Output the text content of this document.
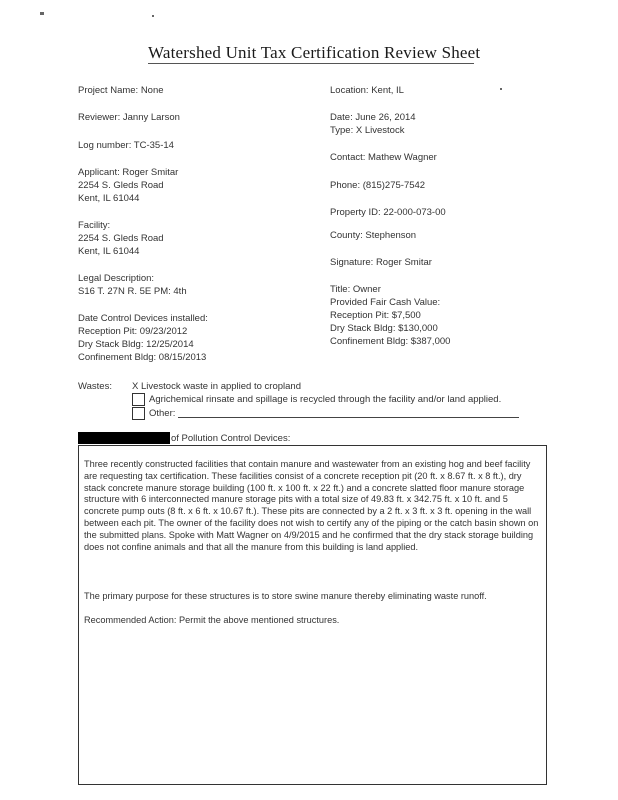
Watershed Unit Tax Certification Review Sheet
Project Name: None
Reviewer: Janny Larson
Log number: TC-35-14
Applicant: Roger Smitar
2254 S. Gleds Road
Kent, IL 61044
Facility:
2254 S. Gleds Road
Kent, IL 61044
Legal Description:
S16 T. 27N R. 5E PM: 4th
Date Control Devices installed:
Reception Pit: 09/23/2012
Dry Stack Bldg: 12/25/2014
Confinement Bldg: 08/15/2013
Location: Kent, IL
Date: June 26, 2014
Type: X Livestock
Contact: Mathew Wagner
Phone: (815)275-7542
Property ID: 22-000-073-00
County: Stephenson
Signature: Roger Smitar
Title: Owner
Provided Fair Cash Value:
Reception Pit: $7,500
Dry Stack Bldg: $130,000
Confinement Bldg: $387,000
Wastes: X Livestock waste in applied to cropland
Agrichemical rinsate and spillage is recycled through the facility and/or land applied.
Other:
of Pollution Control Devices:
Three recently constructed facilities that contain manure and wastewater from an existing hog and beef facility are requesting tax certification. These facilities consist of a concrete reception pit (20 ft. x 8.67 ft. x 8 ft.), dry stack concrete manure storage building (100 ft. x 100 ft. x 22 ft.) and a concrete slatted floor manure storage structure with 6 interconnected manure storage pits with a total size of 49.83 ft. x 342.75 ft. x 10 ft. and 5 concrete pump outs (8 ft. x 6 ft. x 10.67 ft.). These pits are connected by a 2 ft. x 3 ft. x 3 ft. opening in the wall between each pit. The owner of the facility does not wish to certify any of the piping or the catch basin shown on the submitted plans. Spoke with Matt Wagner on 4/9/2015 and he confirmed that the dry stack storage building does not confine animals and that all the manure from this building is land applied.
The primary purpose for these structures is to store swine manure thereby eliminating waste runoff.
Recommended Action: Permit the above mentioned structures.
